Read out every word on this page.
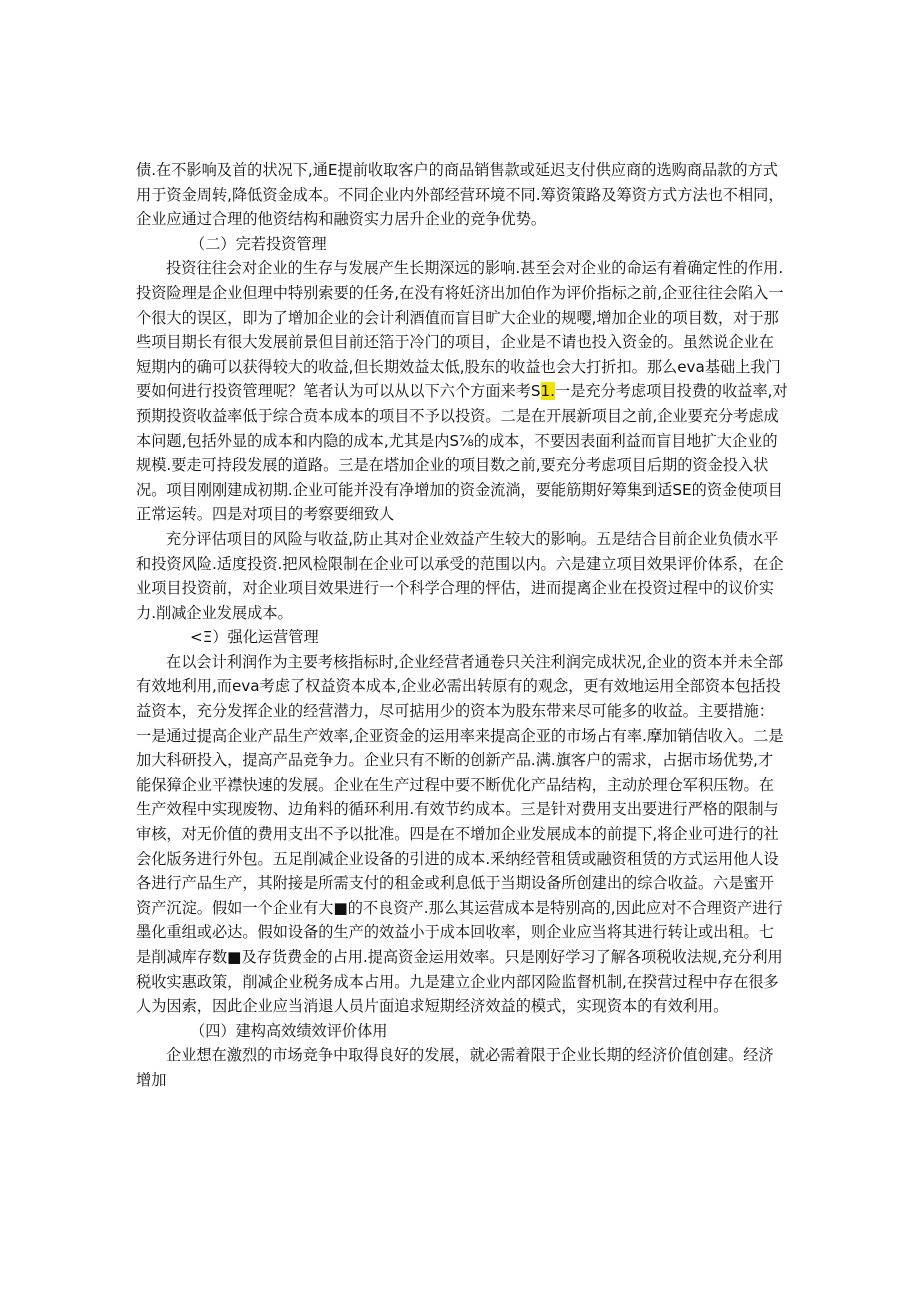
债.在不影响及首的状况下,通E提前收取客户的商品销售款或延迟支付供应商的选购商品款的方式用于资金周转,降低资金成本。不同企业内外部经营环境不同.筹资策路及筹资方式方法也不相同，企业应通过合理的他资结构和融资实力居升企业的竞争优势。

（二）完若投资管理

投资往往会对企业的生存与发展产生长期深远的影响.甚至会对企业的命运有着确定性的作用.投资险理是企业但理中特别索要的任务,在没有将妊济出加伯作为评价指标之前,企亚往往会陷入一个很大的误区，即为了增加企业的会计利酒值而盲目旷大企业的规嘤,增加企业的项目数，对于那些项目期长有很大发展前景但目前还箔于冷门的项目，企业是不请也投入资金的。虽然说企业在短期内的确可以获得较大的收益,但长期效益太低,股东的收益也会大打折扣。那么eva基础上我门要如何进行投资管理呢？笔者认为可以从以下六个方面来考S1.一是充分考虑项目投费的收益率,对预期投资收益率低于综合贲本成本的项目不予以投资。二是在开展新项目之前,企业要充分考虑成本问题,包括外显的成本和内隐的成本,尤其是内S⅞的成本，不要因表面利益而盲目地扩大企业的规模.要走可持段发展的道路。三是在塔加企业的项目数之前,要充分考虑项目后期的资金投入状况。项目刚刚建成初期.企业可能并没有净增加的资金流淌，要能筋期好筹集到适SE的资金使项目正常运转。四是对项目的考察要细致人

充分评估项目的风险与收益,防止其对企业效益产生较大的影响。五是结合目前企业负债水平和投资风险.适度投资.把风检限制在企业可以承受的范围以内。六是建立项目效果评价体系，在企业项目投资前，对企业项目效果进行一个科学合理的怦估，进而提离企业在投资过程中的议价实力.削减企业发展成本。

<Ξ）强化运营管理

在以会计利润作为主要考核指标时,企业经营者通卷只关注利润完成状况,企业的资本并未全部有效地利用,而eva考虑了权益资本成本,企业必需出转原有的观念，更有效地运用全部资本包括投益资本，充分发挥企业的经营潜力，尽可掂用少的资本为股东带来尽可能多的收益。主要措施：一是通过提高企业产品生产效率,企亚资金的运用率来提高企亚的市场占有率.摩加销佶收入。二是加大科研投入，提高产品竞争力。企业只有不断的创新产品.满.旗客户的需求，占据市场优势,才能保獐企业平襟快速的发展。企业在生产过程中要不断优化产品结构，主动於理仓军积压物。在生产效程中实现废物、边角料的循环利用.有效节约成本。三是针对费用支出要进行严格的限制与审核，对无价值的费用支出不予以批准。四是在不增加企业发展成本的前提下,将企业可进行的社会化版务进行外包。五足削减企业设备的引进的成本.釆纳经菅租赁或融资租赁的方式运用他人设各进行产品生产，其附接是所需支付的租金或利息低于当期设备所创建出的综合收益。六是蜜开资产沉淀。假如一个企业有大■的不良资产.那么其运营成本是特别高的,因此应对不合理资产进行墨化重组或必达。假如设备的生产的效益小于成本回收率，则企业应当将其进行转让或出租。七是削减库存数■及存货费金的占用.提高资金运用效率。只是刚好学习了解各项税收法规,充分利用税收实惠政策，削减企业税务成本占用。九是建立企业内部冈险监督机制,在揆营过程中存在很多人为因索，因此企业应当消退人员片面追求短期经济效益的模式，实现资本的有效利用。

（四）建构高效绩效评价体用

企业想在激烈的市场竞争中取得良好的发展，就必需着限于企业长期的经济价值创建。经济增加
